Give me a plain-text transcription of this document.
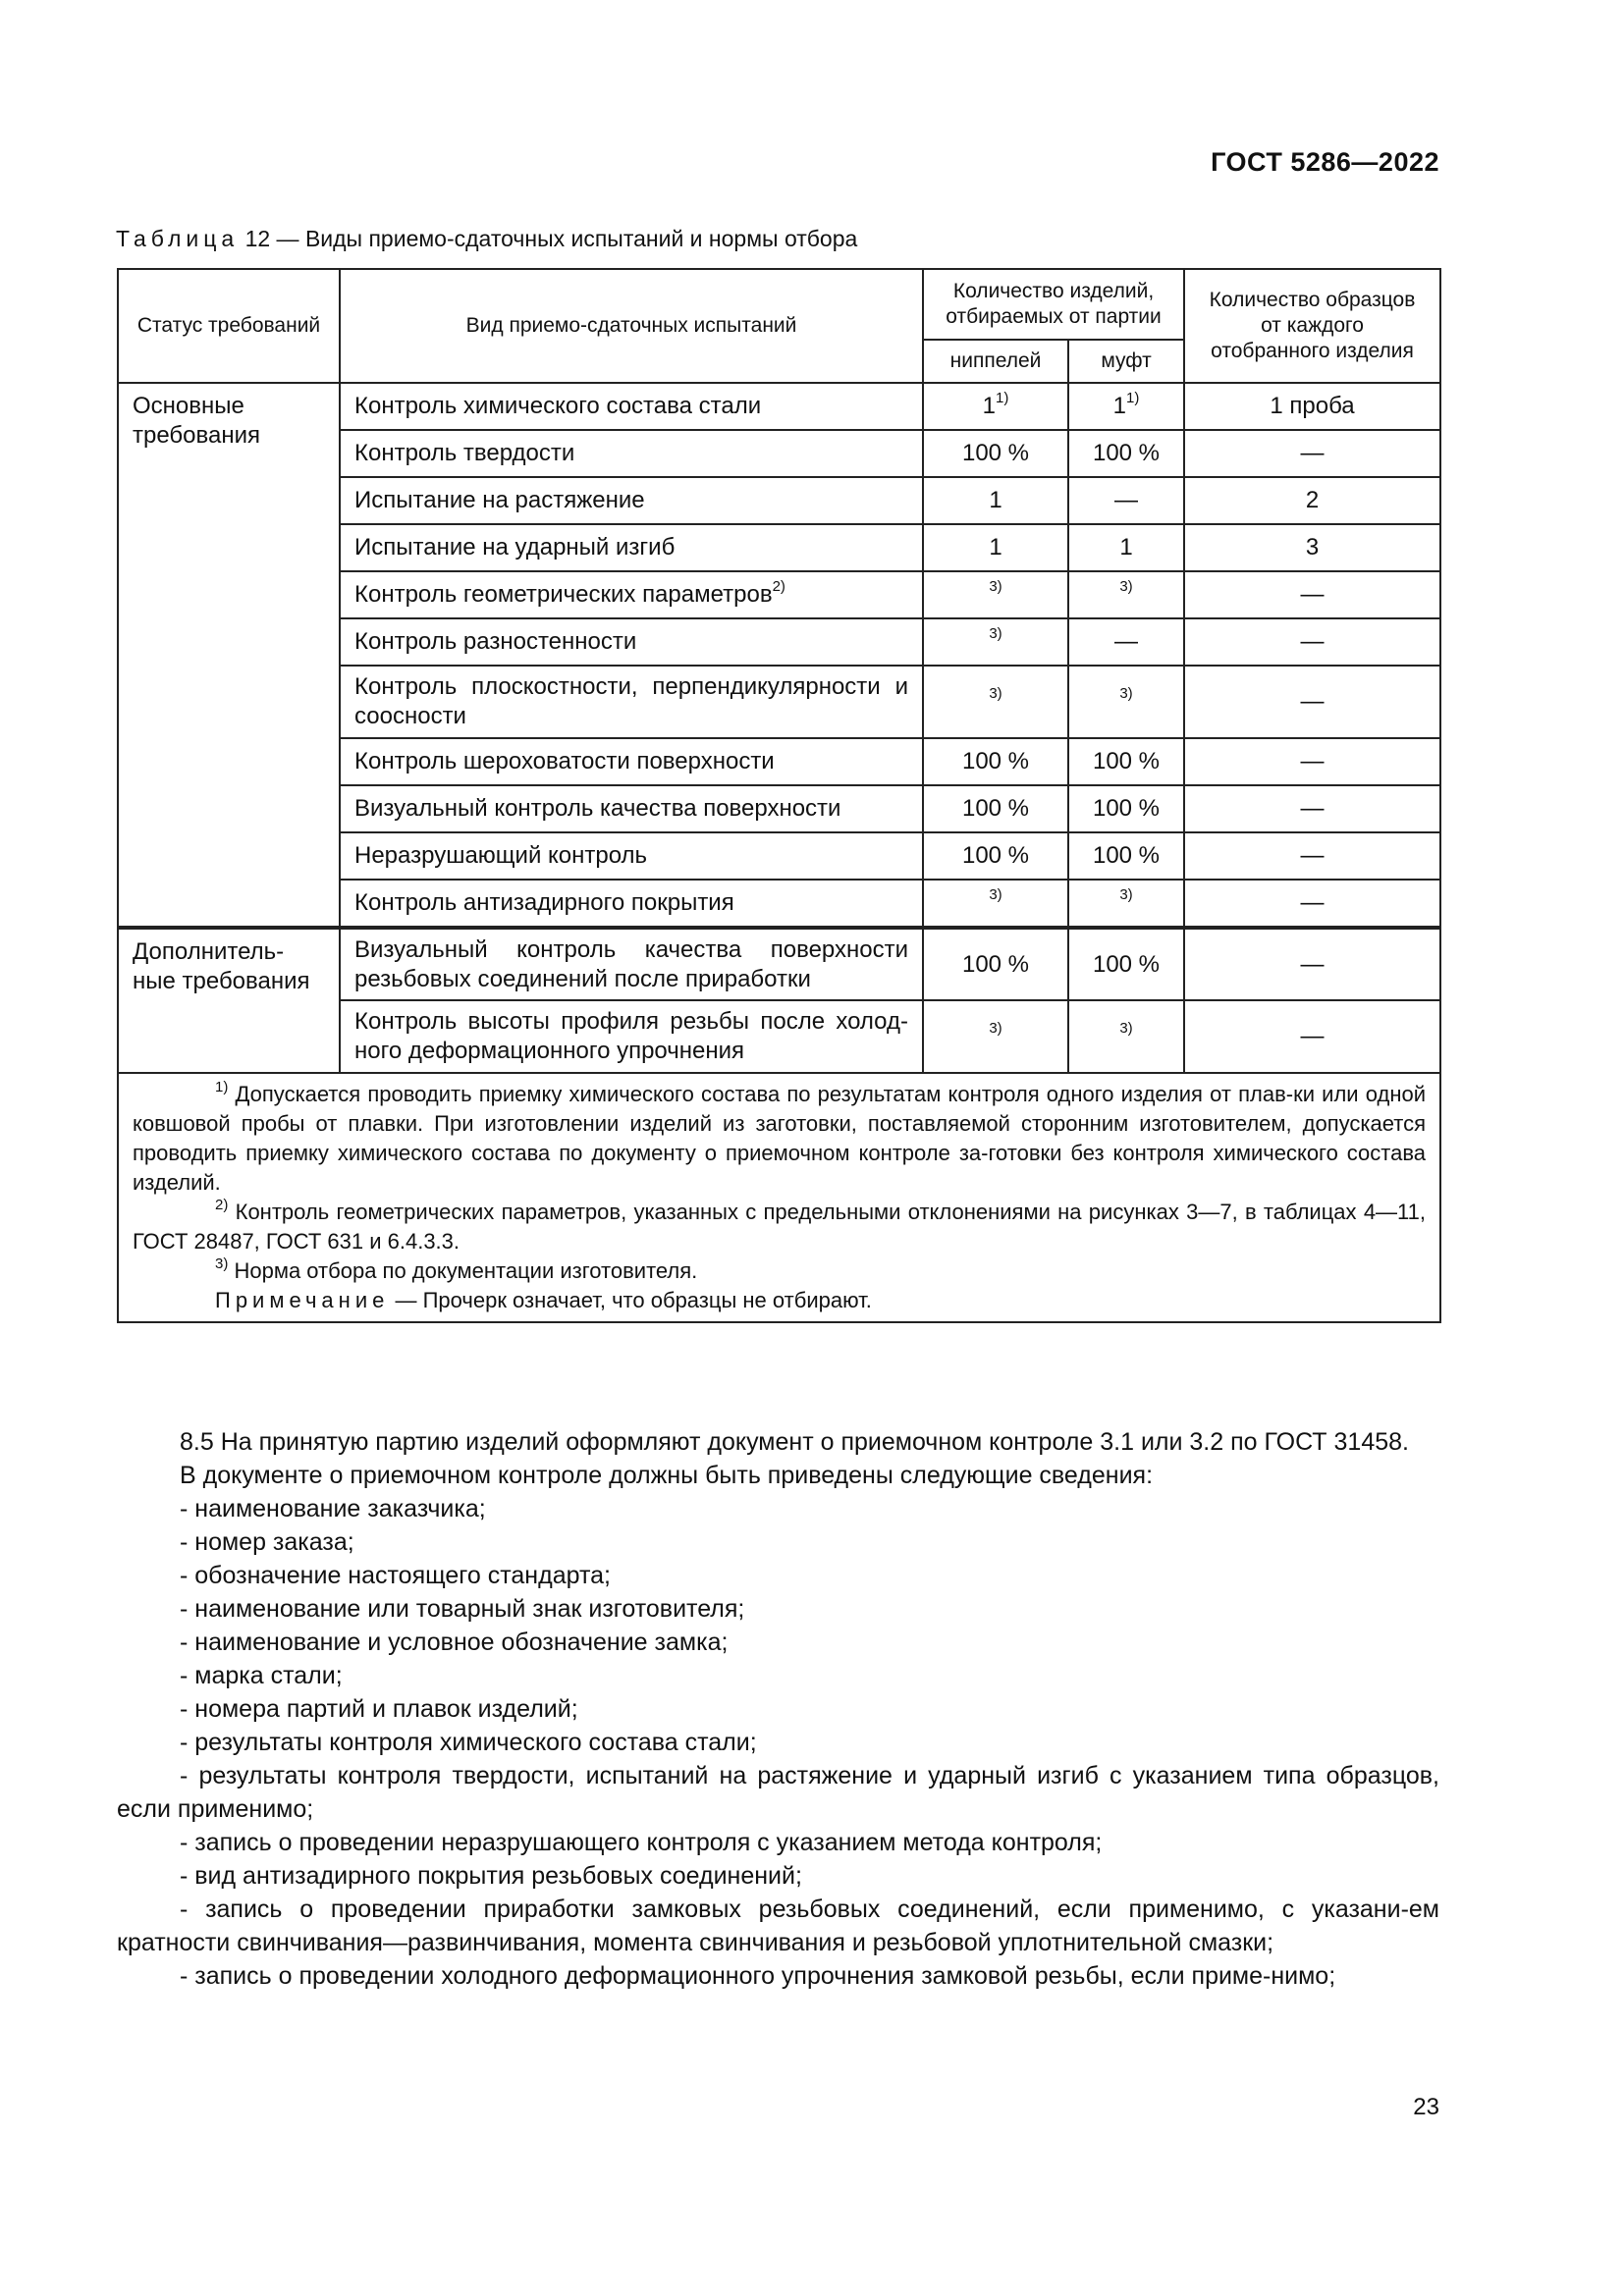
ГОСТ 5286—2022
Таблица 12 — Виды приемо-сдаточных испытаний и нормы отбора
Статус требований	Вид приемо-сдаточных испытаний	Количество изделий, отбираемых от партии		Количество образцов от каждого отобранного изделия
		ниппелей	муфт	
Основные требования	Контроль химического состава стали	1$^{1)}$	1$^{1)}$	1 проба
	Контроль твердости	100 %	100 %	—
	Испытание на растяжение	1	—	2
	Испытание на ударный изгиб	1	1	3
	Контроль геометрических параметров$^{2)}$	$^{3)}$	$^{3)}$	—
	Контроль разностенности	$^{3)}$	—	—
	Контроль плоскостности, перпендикулярности и соосности	$^{3)}$	$^{3)}$	—
	Контроль шероховатости поверхности	100 %	100 %	—
	Визуальный контроль качества поверхности	100 %	100 %	—
	Неразрушающий контроль	100 %	100 %	—
	Контроль антизадирного покрытия	$^{3)}$	$^{3)}$	—
Дополнитель-ные требования	Визуальный контроль качества поверхности резьбовых соединений после приработки	100 %	100 %	—
	Контроль высоты профиля резьбы после холод-ного деформационного упрочнения	$^{3)}$	$^{3)}$	—

$^{1)}$ Допускается проводить приемку химического состава по результатам контроля одного изделия от плав-ки или одной ковшовой пробы от плавки. При изготовлении изделий из заготовки, поставляемой сторонним изготовителем, допускается проводить приемку химического состава по документу о приемочном контроле за-готовки без контроля химического состава изделий.

$^{2)}$ Контроль геометрических параметров, указанных с предельными отклонениями на рисунках 3—7, в таблицах 4—11, ГОСТ 28487, ГОСТ 631 и 6.4.3.3.

$^{3)}$ Норма отбора по документации изготовителя.

Примечание — Прочерк означает, что образцы не отбирают.				

8.5 На принятую партию изделий оформляют документ о приемочном контроле 3.1 или 3.2 по ГОСТ 31458.

В документе о приемочном контроле должны быть приведены следующие сведения:

- наименование заказчика;

- номер заказа;

- обозначение настоящего стандарта;

- наименование или товарный знак изготовителя;

- наименование и условное обозначение замка;

- марка стали;

- номера партий и плавок изделий;

- результаты контроля химического состава стали;

- результаты контроля твердости, испытаний на растяжение и ударный изгиб с указанием типа образцов, если применимо;

- запись о проведении неразрушающего контроля с указанием метода контроля;

- вид антизадирного покрытия резьбовых соединений;

- запись о проведении приработки замковых резьбовых соединений, если применимо, с указани-ем кратности свинчивания—развинчивания, момента свинчивания и резьбовой уплотнительной смазки;

- запись о проведении холодного деформационного упрочнения замковой резьбы, если приме-нимо;

23
